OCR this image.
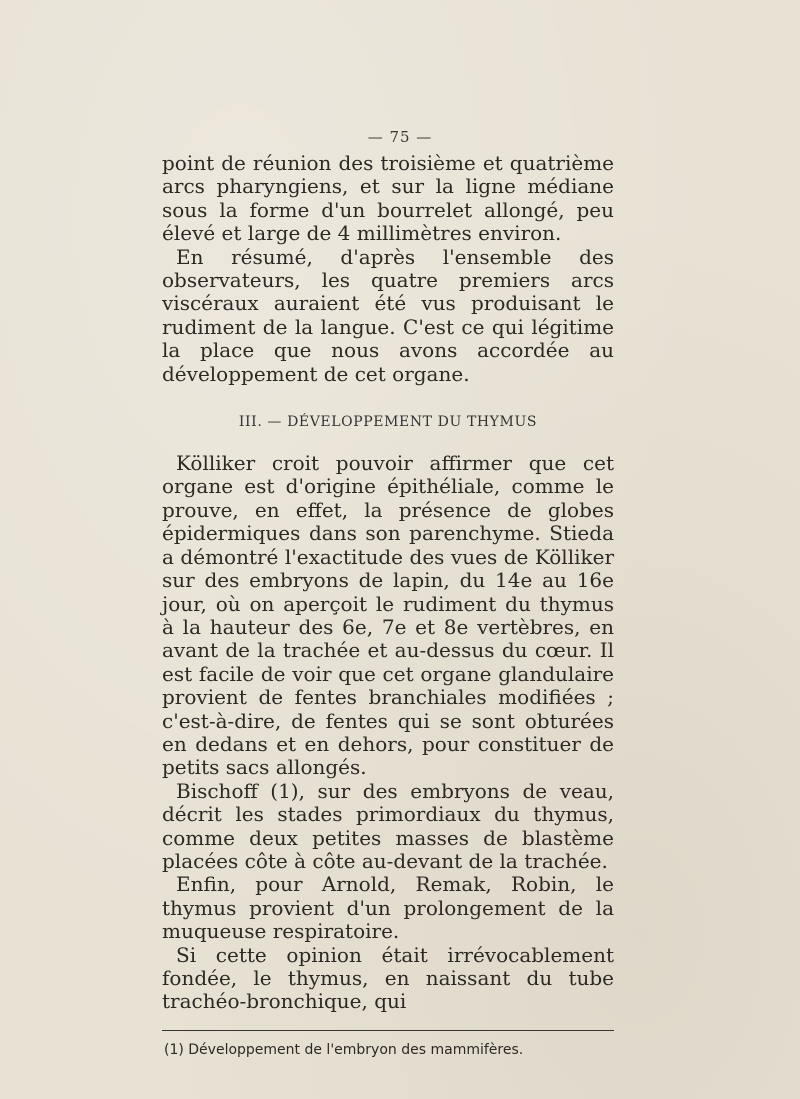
— 75 —

point de réunion des troisième et quatrième arcs pharyngiens, et sur la ligne médiane sous la forme d'un bourrelet allongé, peu élevé et large de 4 millimètres environ.

En résumé, d'après l'ensemble des observateurs, les quatre premiers arcs viscéraux auraient été vus produisant le rudiment de la langue. C'est ce qui légitime la place que nous avons accordée au développement de cet organe.

III. — DÉVELOPPEMENT DU THYMUS

Kölliker croit pouvoir affirmer que cet organe est d'origine épithéliale, comme le prouve, en effet, la présence de globes épidermiques dans son parenchyme. Stieda a démontré l'exactitude des vues de Kölliker sur des embryons de lapin, du 14e au 16e jour, où on aperçoit le rudiment du thymus à la hauteur des 6e, 7e et 8e vertèbres, en avant de la trachée et au-dessus du cœur. Il est facile de voir que cet organe glandulaire provient de fentes branchiales modifiées ; c'est-à-dire, de fentes qui se sont obturées en dedans et en dehors, pour constituer de petits sacs allongés.

Bischoff (1), sur des embryons de veau, décrit les stades primordiaux du thymus, comme deux petites masses de blastème placées côte à côte au-devant de la trachée.

Enfin, pour Arnold, Remak, Robin, le thymus provient d'un prolongement de la muqueuse respiratoire.

Si cette opinion était irrévocablement fondée, le thymus, en naissant du tube trachéo-bronchique, qui

(1) Développement de l'embryon des mammifères.
